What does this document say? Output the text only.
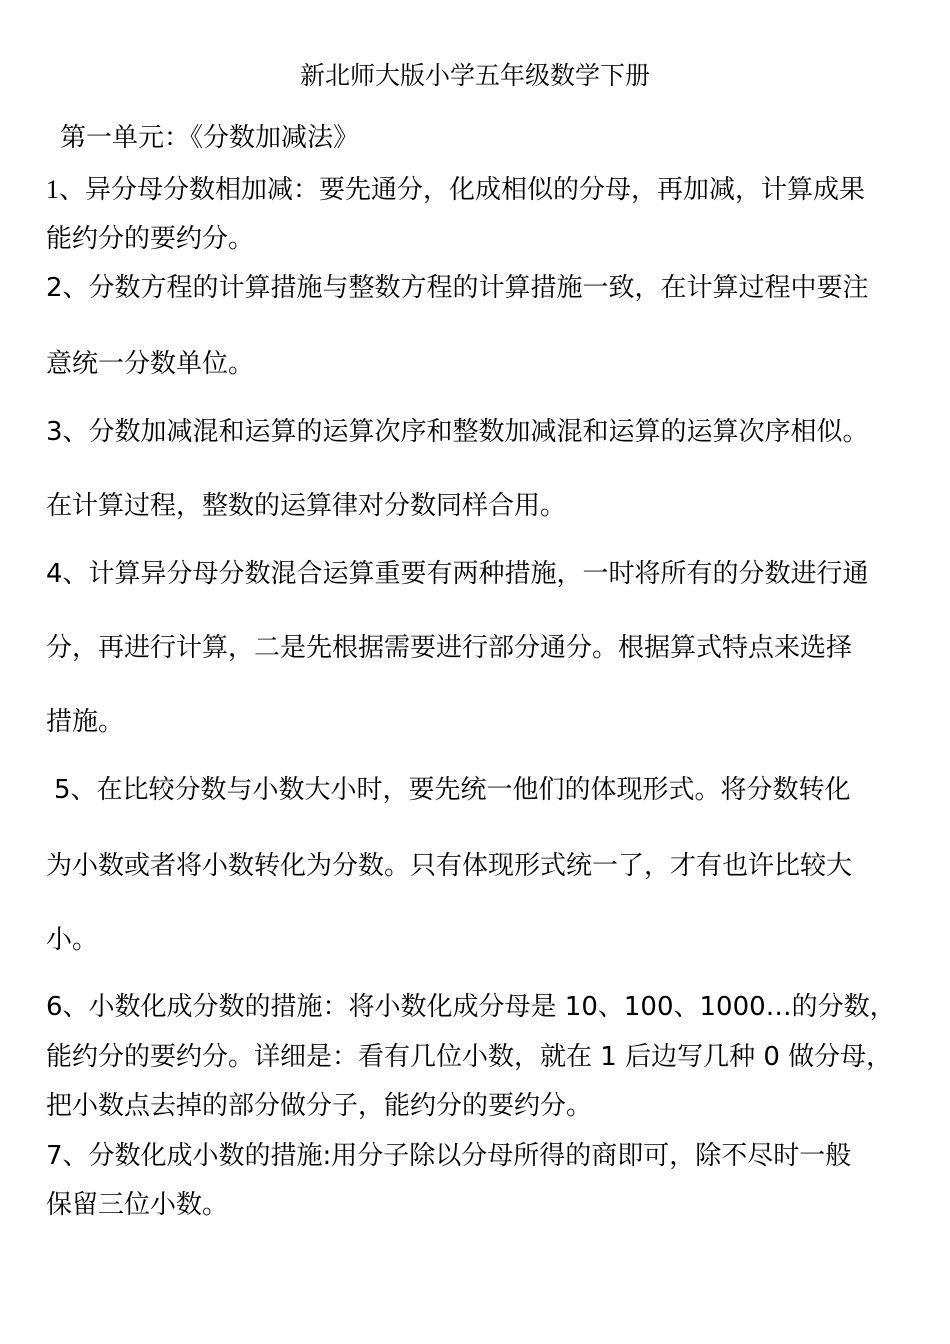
新北师大版小学五年级数学下册
第一单元：《分数加减法》
1、异分母分数相加减：要先通分，化成相似的分母，再加减，计算成果
能约分的要约分。
2、分数方程的计算措施与整数方程的计算措施一致，在计算过程中要注
意统一分数单位。
3、分数加减混和运算的运算次序和整数加减混和运算的运算次序相似。
在计算过程，整数的运算律对分数同样合用。
4、计算异分母分数混合运算重要有两种措施，一时将所有的分数进行通
分，再进行计算，二是先根据需要进行部分通分。根据算式特点来选择
措施。
5、在比较分数与小数大小时，要先统一他们的体现形式。将分数转化
为小数或者将小数转化为分数。只有体现形式统一了，才有也许比较大
小。
6、小数化成分数的措施：将小数化成分母是 10、100、1000…的分数，
能约分的要约分。详细是：看有几位小数，就在 1 后边写几种 0 做分母，
把小数点去掉的部分做分子，能约分的要约分。
7、分数化成小数的措施:用分子除以分母所得的商即可，除不尽时一般
保留三位小数。
